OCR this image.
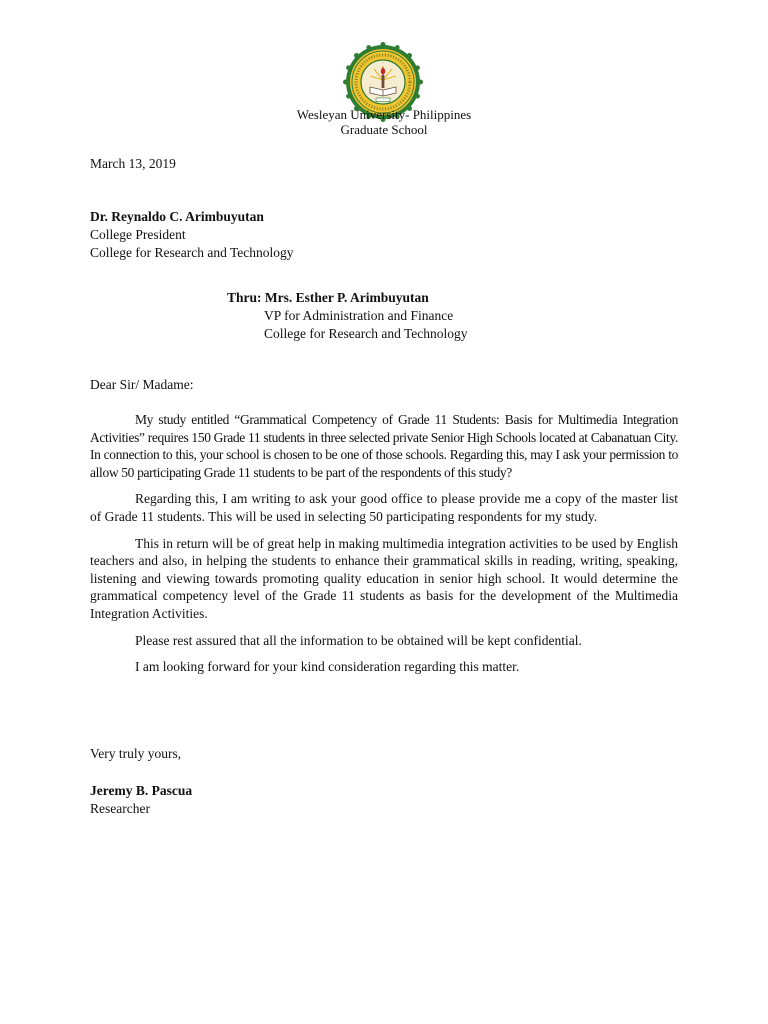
Wesleyan University- Philippines
Graduate School
March 13, 2019
Dr. Reynaldo C. Arimbuyutan
College President
College for Research and Technology
Thru: Mrs. Esther P. Arimbuyutan
VP for Administration and Finance
College for Research and Technology
Dear Sir/ Madame:

My study entitled “Grammatical Competency of Grade 11 Students: Basis for Multimedia Integration Activities” requires 150 Grade 11 students in three selected private Senior High Schools located at Cabanatuan City. In connection to this, your school is chosen to be one of those schools. Regarding this, may I ask your permission to allow 50 participating Grade 11 students to be part of the respondents of this study?

Regarding this, I am writing to ask your good office to please provide me a copy of the master list of Grade 11 students. This will be used in selecting 50 participating respondents for my study.

This in return will be of great help in making multimedia integration activities to be used by English teachers and also, in helping the students to enhance their grammatical skills in reading, writing, speaking, listening and viewing towards promoting quality education in senior high school. It would determine the grammatical competency level of the Grade 11 students as basis for the development of the Multimedia Integration Activities.

Please rest assured that all the information to be obtained will be kept confidential.

I am looking forward for your kind consideration regarding this matter.

Very truly yours,
Jeremy B. Pascua
Researcher
